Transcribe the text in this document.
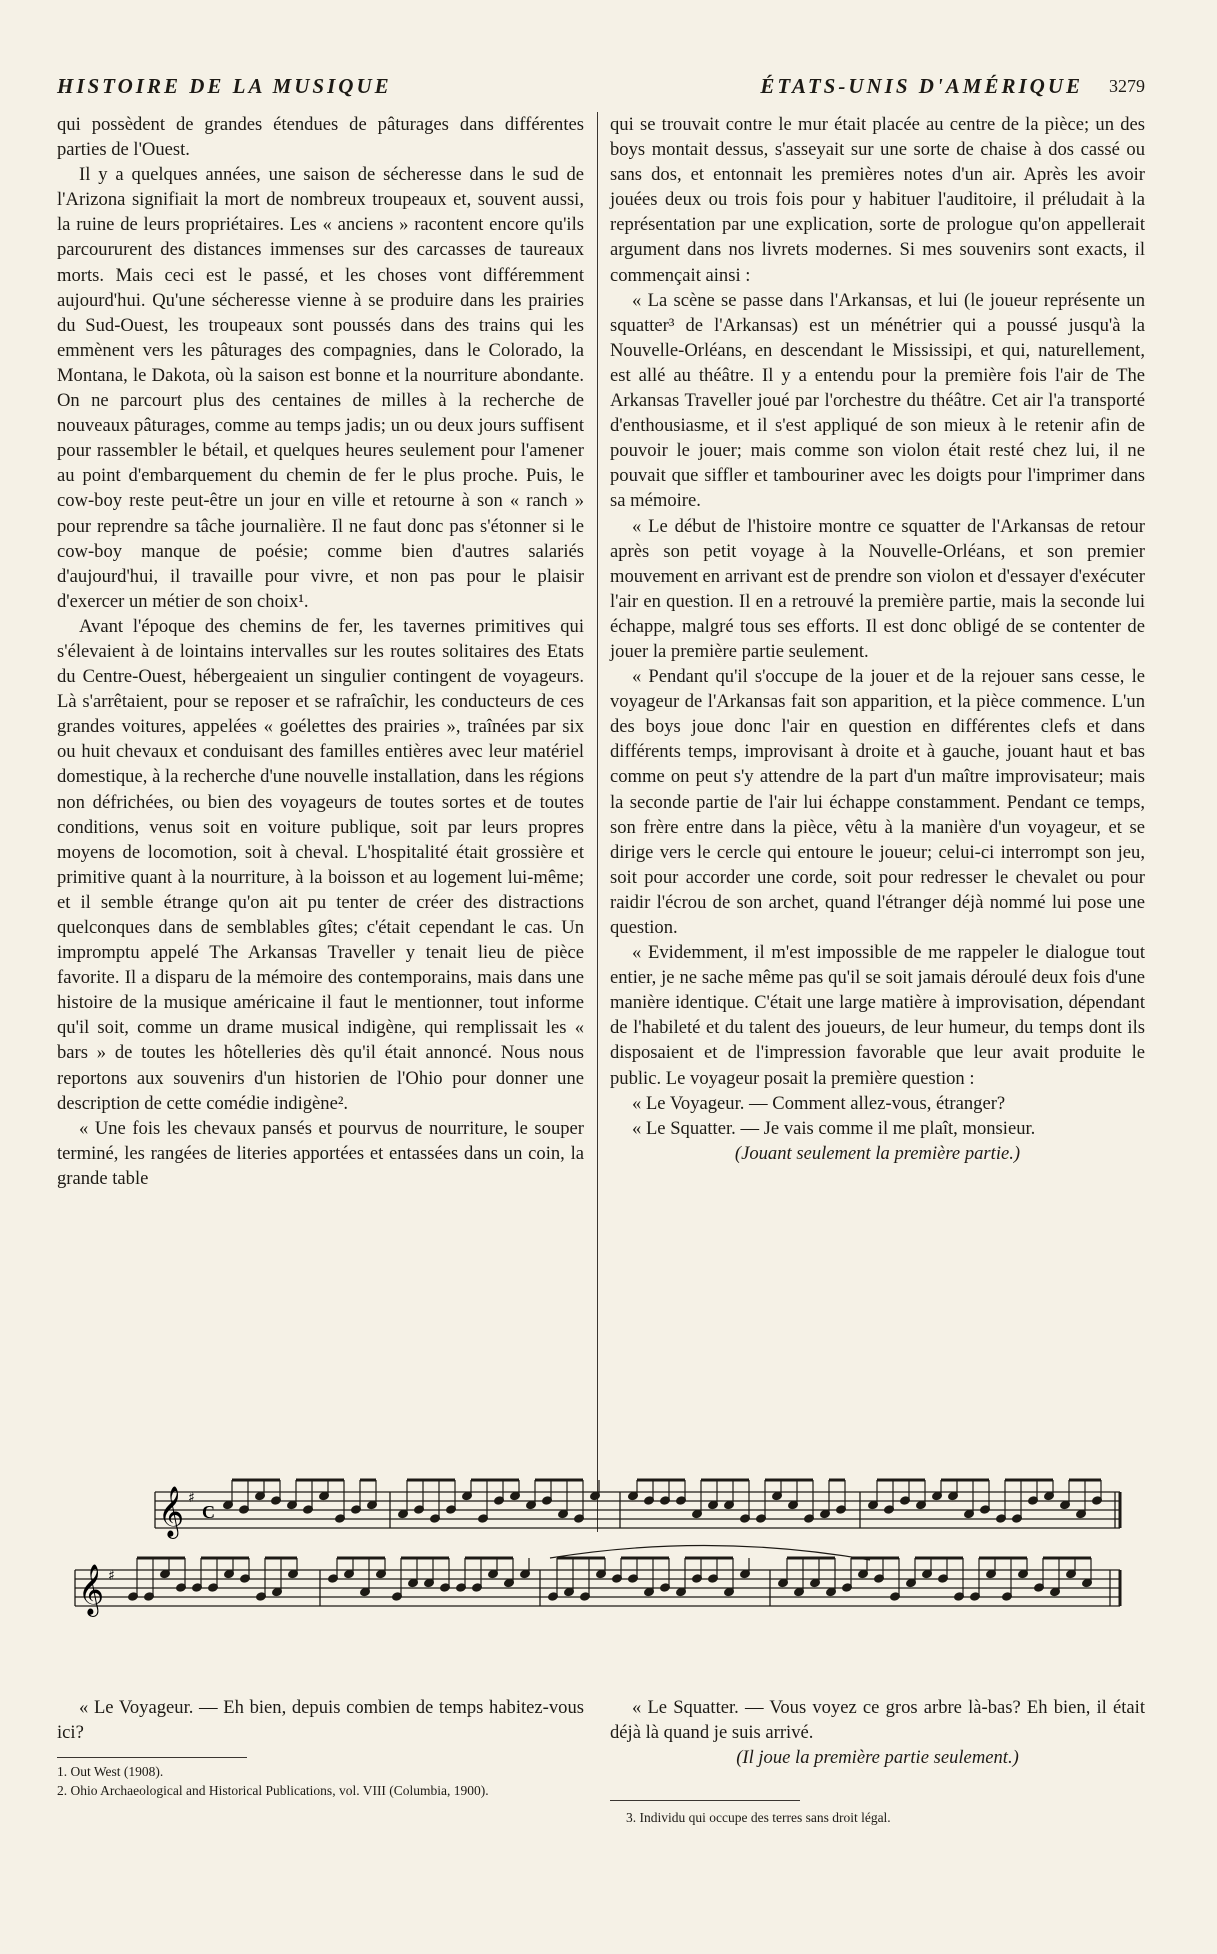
HISTOIRE DE LA MUSIQUE	ÉTATS-UNIS D'AMÉRIQUE 3279

qui possèdent de grandes étendues de pâturages dans différentes parties de l'Ouest.

Il y a quelques années, une saison de sécheresse dans le sud de l'Arizona signifiait la mort de nombreux troupeaux et, souvent aussi, la ruine de leurs propriétaires. Les « anciens » racontent encore qu'ils parcoururent des distances immenses sur des carcasses de taureaux morts. Mais ceci est le passé, et les choses vont différemment aujourd'hui. Qu'une sécheresse vienne à se produire dans les prairies du Sud-Ouest, les troupeaux sont poussés dans des trains qui les emmènent vers les pâturages des compagnies, dans le Colorado, la Montana, le Dakota, où la saison est bonne et la nourriture abondante. On ne parcourt plus des centaines de milles à la recherche de nouveaux pâturages, comme au temps jadis; un ou deux jours suffisent pour rassembler le bétail, et quelques heures seulement pour l'amener au point d'embarquement du chemin de fer le plus proche. Puis, le cow-boy reste peut-être un jour en ville et retourne à son « ranch » pour reprendre sa tâche journalière. Il ne faut donc pas s'étonner si le cow-boy manque de poésie; comme bien d'autres salariés d'aujourd'hui, il travaille pour vivre, et non pas pour le plaisir d'exercer un métier de son choix¹.

Avant l'époque des chemins de fer, les tavernes primitives qui s'élevaient à de lointains intervalles sur les routes solitaires des Etats du Centre-Ouest, hébergeaient un singulier contingent de voyageurs. Là s'arrêtaient, pour se reposer et se rafraîchir, les conducteurs de ces grandes voitures, appelées « goélettes des prairies », traînées par six ou huit chevaux et conduisant des familles entières avec leur matériel domestique, à la recherche d'une nouvelle installation, dans les régions non défrichées, ou bien des voyageurs de toutes sortes et de toutes conditions, venus soit en voiture publique, soit par leurs propres moyens de locomotion, soit à cheval. L'hospitalité était grossière et primitive quant à la nourriture, à la boisson et au logement lui-même; et il semble étrange qu'on ait pu tenter de créer des distractions quelconques dans de semblables gîtes; c'était cependant le cas. Un impromptu appelé The Arkansas Traveller y tenait lieu de pièce favorite. Il a disparu de la mémoire des contemporains, mais dans une histoire de la musique américaine il faut le mentionner, tout informe qu'il soit, comme un drame musical indigène, qui remplissait les « bars » de toutes les hôtelleries dès qu'il était annoncé. Nous nous reportons aux souvenirs d'un historien de l'Ohio pour donner une description de cette comédie indigène².

« Une fois les chevaux pansés et pourvus de nourriture, le souper terminé, les rangées de literies apportées et entassées dans un coin, la grande table

qui se trouvait contre le mur était placée au centre de la pièce; un des boys montait dessus, s'asseyait sur une sorte de chaise à dos cassé ou sans dos, et entonnait les premières notes d'un air. Après les avoir jouées deux ou trois fois pour y habituer l'auditoire, il préludait à la représentation par une explication, sorte de prologue qu'on appellerait argument dans nos livrets modernes. Si mes souvenirs sont exacts, il commençait ainsi :

« La scène se passe dans l'Arkansas, et lui (le joueur représente un squatter³ de l'Arkansas) est un ménétrier qui a poussé jusqu'à la Nouvelle-Orléans, en descendant le Mississipi, et qui, naturellement, est allé au théâtre. Il y a entendu pour la première fois l'air de The Arkansas Traveller joué par l'orchestre du théâtre. Cet air l'a transporté d'enthousiasme, et il s'est appliqué de son mieux à le retenir afin de pouvoir le jouer; mais comme son violon était resté chez lui, il ne pouvait que siffler et tambouriner avec les doigts pour l'imprimer dans sa mémoire.

« Le début de l'histoire montre ce squatter de l'Arkansas de retour après son petit voyage à la Nouvelle-Orléans, et son premier mouvement en arrivant est de prendre son violon et d'essayer d'exécuter l'air en question. Il en a retrouvé la première partie, mais la seconde lui échappe, malgré tous ses efforts. Il est donc obligé de se contenter de jouer la première partie seulement.

« Pendant qu'il s'occupe de la jouer et de la rejouer sans cesse, le voyageur de l'Arkansas fait son apparition, et la pièce commence. L'un des boys joue donc l'air en question en différentes clefs et dans différents temps, improvisant à droite et à gauche, jouant haut et bas comme on peut s'y attendre de la part d'un maître improvisateur; mais la seconde partie de l'air lui échappe constamment. Pendant ce temps, son frère entre dans la pièce, vêtu à la manière d'un voyageur, et se dirige vers le cercle qui entoure le joueur; celui-ci interrompt son jeu, soit pour accorder une corde, soit pour redresser le chevalet ou pour raidir l'écrou de son archet, quand l'étranger déjà nommé lui pose une question.

« Evidemment, il m'est impossible de me rappeler le dialogue tout entier, je ne sache même pas qu'il se soit jamais déroulé deux fois d'une manière identique. C'était une large matière à improvisation, dépendant de l'habileté et du talent des joueurs, de leur humeur, du temps dont ils disposaient et de l'impression favorable que leur avait produite le public. Le voyageur posait la première question :

« Le Voyageur. — Comment allez-vous, étranger?

« Le Squatter. — Je vais comme il me plaît, monsieur.

(Jouant seulement la première partie.)

𝄞 ♯
C
𝄞 ♯

« Le Voyageur. — Eh bien, depuis combien de temps habitez-vous ici?

« Le Squatter. — Vous voyez ce gros arbre là-bas? Eh bien, il était déjà là quand je suis arrivé.

(Il joue la première partie seulement.)

1. Out West (1908).
2. Ohio Archaeological and Historical Publications, vol. VIII (Columbia, 1900).
3. Individu qui occupe des terres sans droit légal.
